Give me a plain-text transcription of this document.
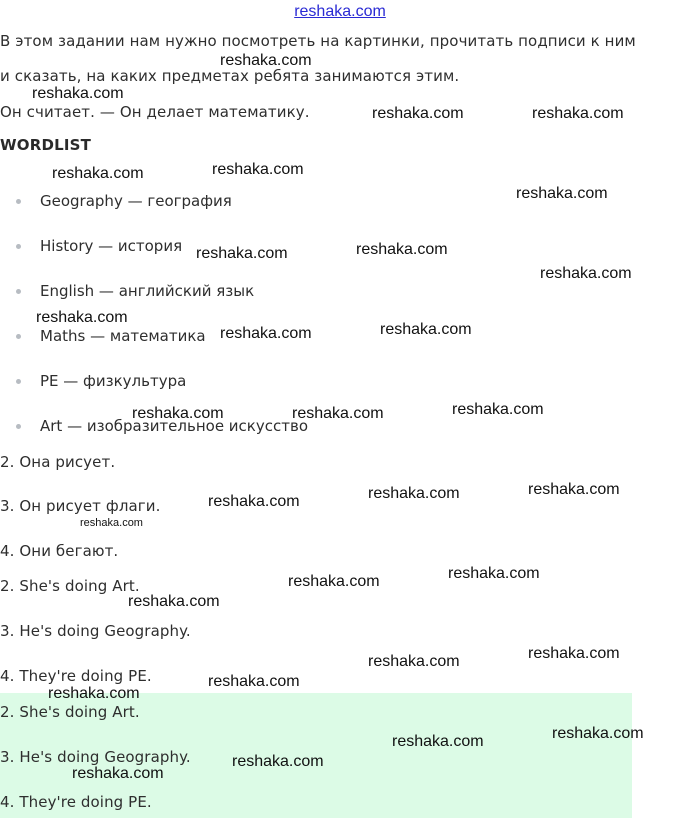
reshaka.com
В этом задании нам нужно посмотреть на картинки, прочитать подписи к ним
и сказать, на каких предметах ребята занимаются этим.
Он считает. — Он делает математику.
WORDLIST
Geography — география
History — история
English — английский язык
Maths — математика
PE — физкультура
Art — изобразительное искусство
2. Она рисует.
3. Он рисует флаги.
4. Они бегают.
2. She's doing Art.
3. He's doing Geography.
4. They're doing PE.
2. She's doing Art.
3. He's doing Geography.
4. They're doing PE.
reshaka.com
reshaka.com
reshaka.com	reshaka.com
reshaka.com	reshaka.com
reshaka.com
reshaka.com	reshaka.com
reshaka.com
reshaka.com
reshaka.com	reshaka.com
reshaka.com	reshaka.com	reshaka.com
reshaka.com	reshaka.com	reshaka.com
reshaka.com
reshaka.com	reshaka.com
reshaka.com
reshaka.com	reshaka.com
reshaka.com
reshaka.com
reshaka.com
reshaka.com
reshaka.com
reshaka.com
